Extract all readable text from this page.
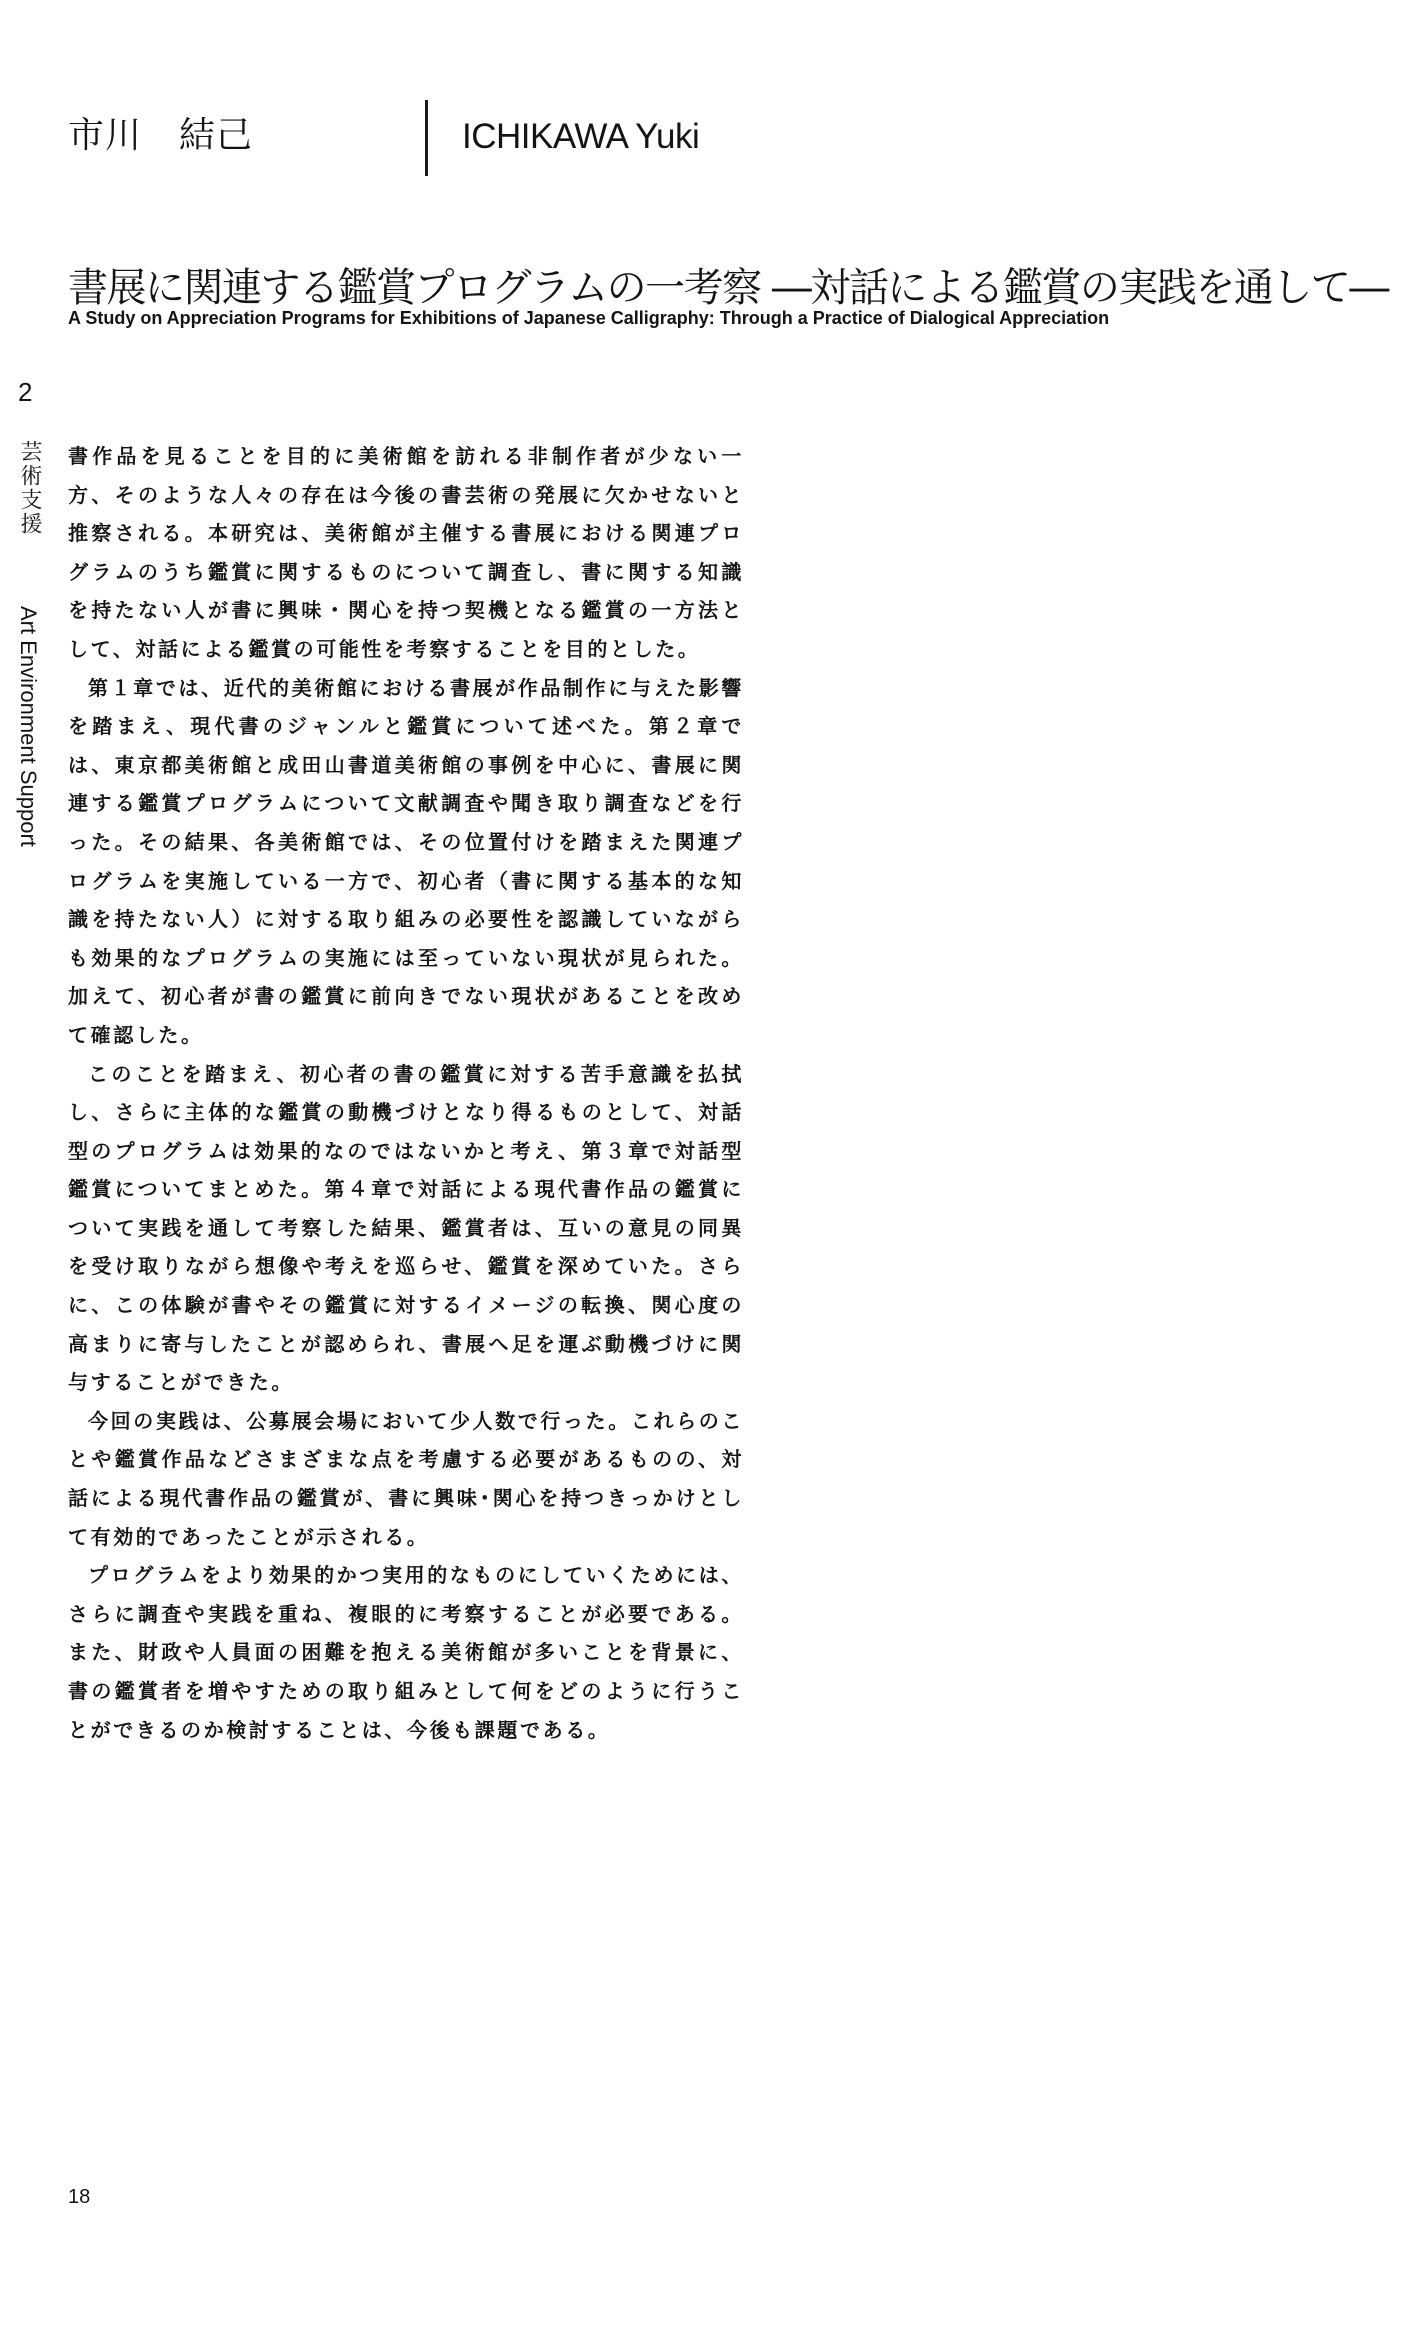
市川　結己	ICHIKAWA Yuki
書展に関連する鑑賞プログラムの一考察 ―対話による鑑賞の実践を通して―
A Study on Appreciation Programs for Exhibitions of Japanese Calligraphy: Through a Practice of Dialogical Appreciation
2
芸術支援
Art Environment Support

書作品を見ることを目的に美術館を訪れる非制作者が少ない一方、そのような人々の存在は今後の書芸術の発展に欠かせないと推察される。本研究は、美術館が主催する書展における関連プログラムのうち鑑賞に関するものについて調査し、書に関する知識を持たない人が書に興味・関心を持つ契機となる鑑賞の一方法として、対話による鑑賞の可能性を考察することを目的とした。

第１章では、近代的美術館における書展が作品制作に与えた影響を踏まえ、現代書のジャンルと鑑賞について述べた。第２章では、東京都美術館と成田山書道美術館の事例を中心に、書展に関連する鑑賞プログラムについて文献調査や聞き取り調査などを行った。その結果、各美術館では、その位置付けを踏まえた関連プログラムを実施している一方で、初心者（書に関する基本的な知識を持たない人）に対する取り組みの必要性を認識していながらも効果的なプログラムの実施には至っていない現状が見られた。加えて、初心者が書の鑑賞に前向きでない現状があることを改めて確認した。

このことを踏まえ、初心者の書の鑑賞に対する苦手意識を払拭し、さらに主体的な鑑賞の動機づけとなり得るものとして、対話型のプログラムは効果的なのではないかと考え、第３章で対話型鑑賞についてまとめた。第４章で対話による現代書作品の鑑賞について実践を通して考察した結果、鑑賞者は、互いの意見の同異を受け取りながら想像や考えを巡らせ、鑑賞を深めていた。さらに、この体験が書やその鑑賞に対するイメージの転換、関心度の高まりに寄与したことが認められ、書展へ足を運ぶ動機づけに関与することができた。

今回の実践は、公募展会場において少人数で行った。これらのことや鑑賞作品などさまざまな点を考慮する必要があるものの、対話による現代書作品の鑑賞が、書に興味･関心を持つきっかけとして有効的であったことが示される。

プログラムをより効果的かつ実用的なものにしていくためには、さらに調査や実践を重ね、複眼的に考察することが必要である。また、財政や人員面の困難を抱える美術館が多いことを背景に、書の鑑賞者を増やすための取り組みとして何をどのように行うことができるのか検討することは、今後も課題である。

18
